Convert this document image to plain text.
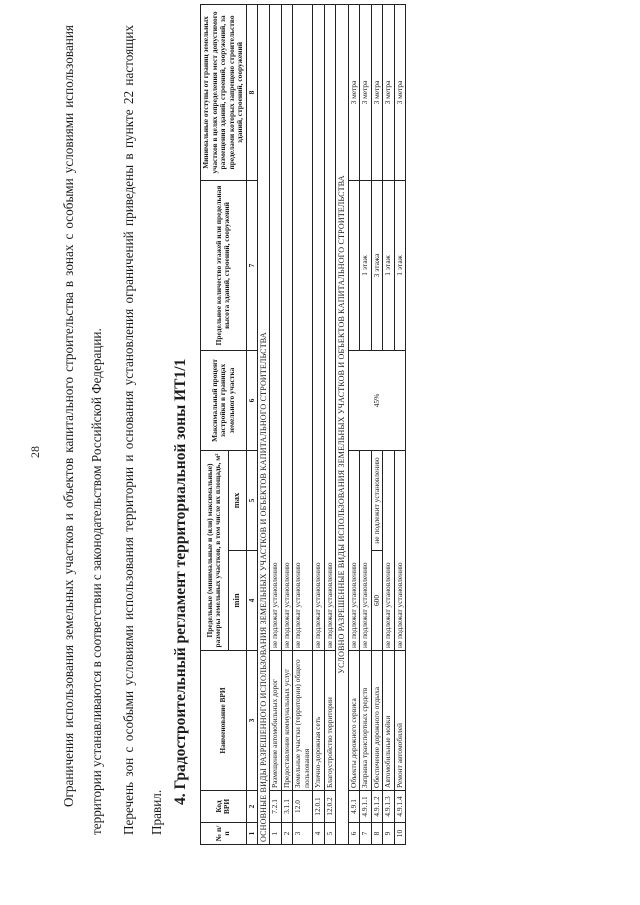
28	Ограничения использования земельных участков и объектов капитального строительства в зонах с особыми условиями использования территории устанавливаются в соответствии с законодательством Российской Федерации.	Перечень зон с особыми условиями использования территории и основания установления ограничений приведены в пункте 22 настоящих Правил.
4. Градостроительный регламент территориальной зоны ИТ1/1
№ п/п	Код ВРИ	Наименование ВРИ	Предельные (минимальные и (или) максимальные) размеры земельных участков, в том числе их площадь, м²		Максимальный процент застройки в границах земельного участка	Предельное количество этажей или предельная высота зданий, строений, сооружений	Минимальные отступы от границ земельных участков в целях определения мест допустимого размещения зданий, строений, сооружений, за пределами которых запрещено строительство зданий, строений, сооружений
			min	max			
1	2	3	4	5	6	7	8
ОСНОВНЫЕ ВИДЫ РАЗРЕШЕННОГО ИСПОЛЬЗОВАНИЯ ЗЕМЕЛЬНЫХ УЧАСТКОВ И ОБЪЕКТОВ КАПИТАЛЬНОГО СТРОИТЕЛЬСТВА							
1	7.2.1	Размещение автомобильных дорог	не подлежат установлению				
2	3.1.1	Предоставление коммунальных услуг	не подлежат установлению				
3	12.0	Земельные участки (территории) общего пользования	не подлежат установлению				
4	12.0.1	Улично-дорожная сеть	не подлежат установлению				
5	12.0.2	Благоустройство территории	не подлежат установлению				
УСЛОВНО РАЗРЕШЕННЫЕ ВИДЫ ИСПОЛЬЗОВАНИЯ ЗЕМЕЛЬНЫХ УЧАСТКОВ И ОБЪЕКТОВ КАПИТАЛЬНОГО СТРОИТЕЛЬСТВА							
6	4.9.1	Объекты дорожного сервиса	не подлежат установлению		45%		3 метра
7	4.9.1.1	Заправка транспортных средств	не подлежат установлению			1 этаж	3 метра
8	4.9.1.2	Обеспечение дорожного отдыха	600	не подлежит установлению		3 этажа	3 метра
9	4.9.1.3	Автомобильные мойки	не подлежат установлению			1 этаж	3 метра
10	4.9.1.4	Ремонт автомобилей	не подлежат установлению			1 этаж	3 метра
